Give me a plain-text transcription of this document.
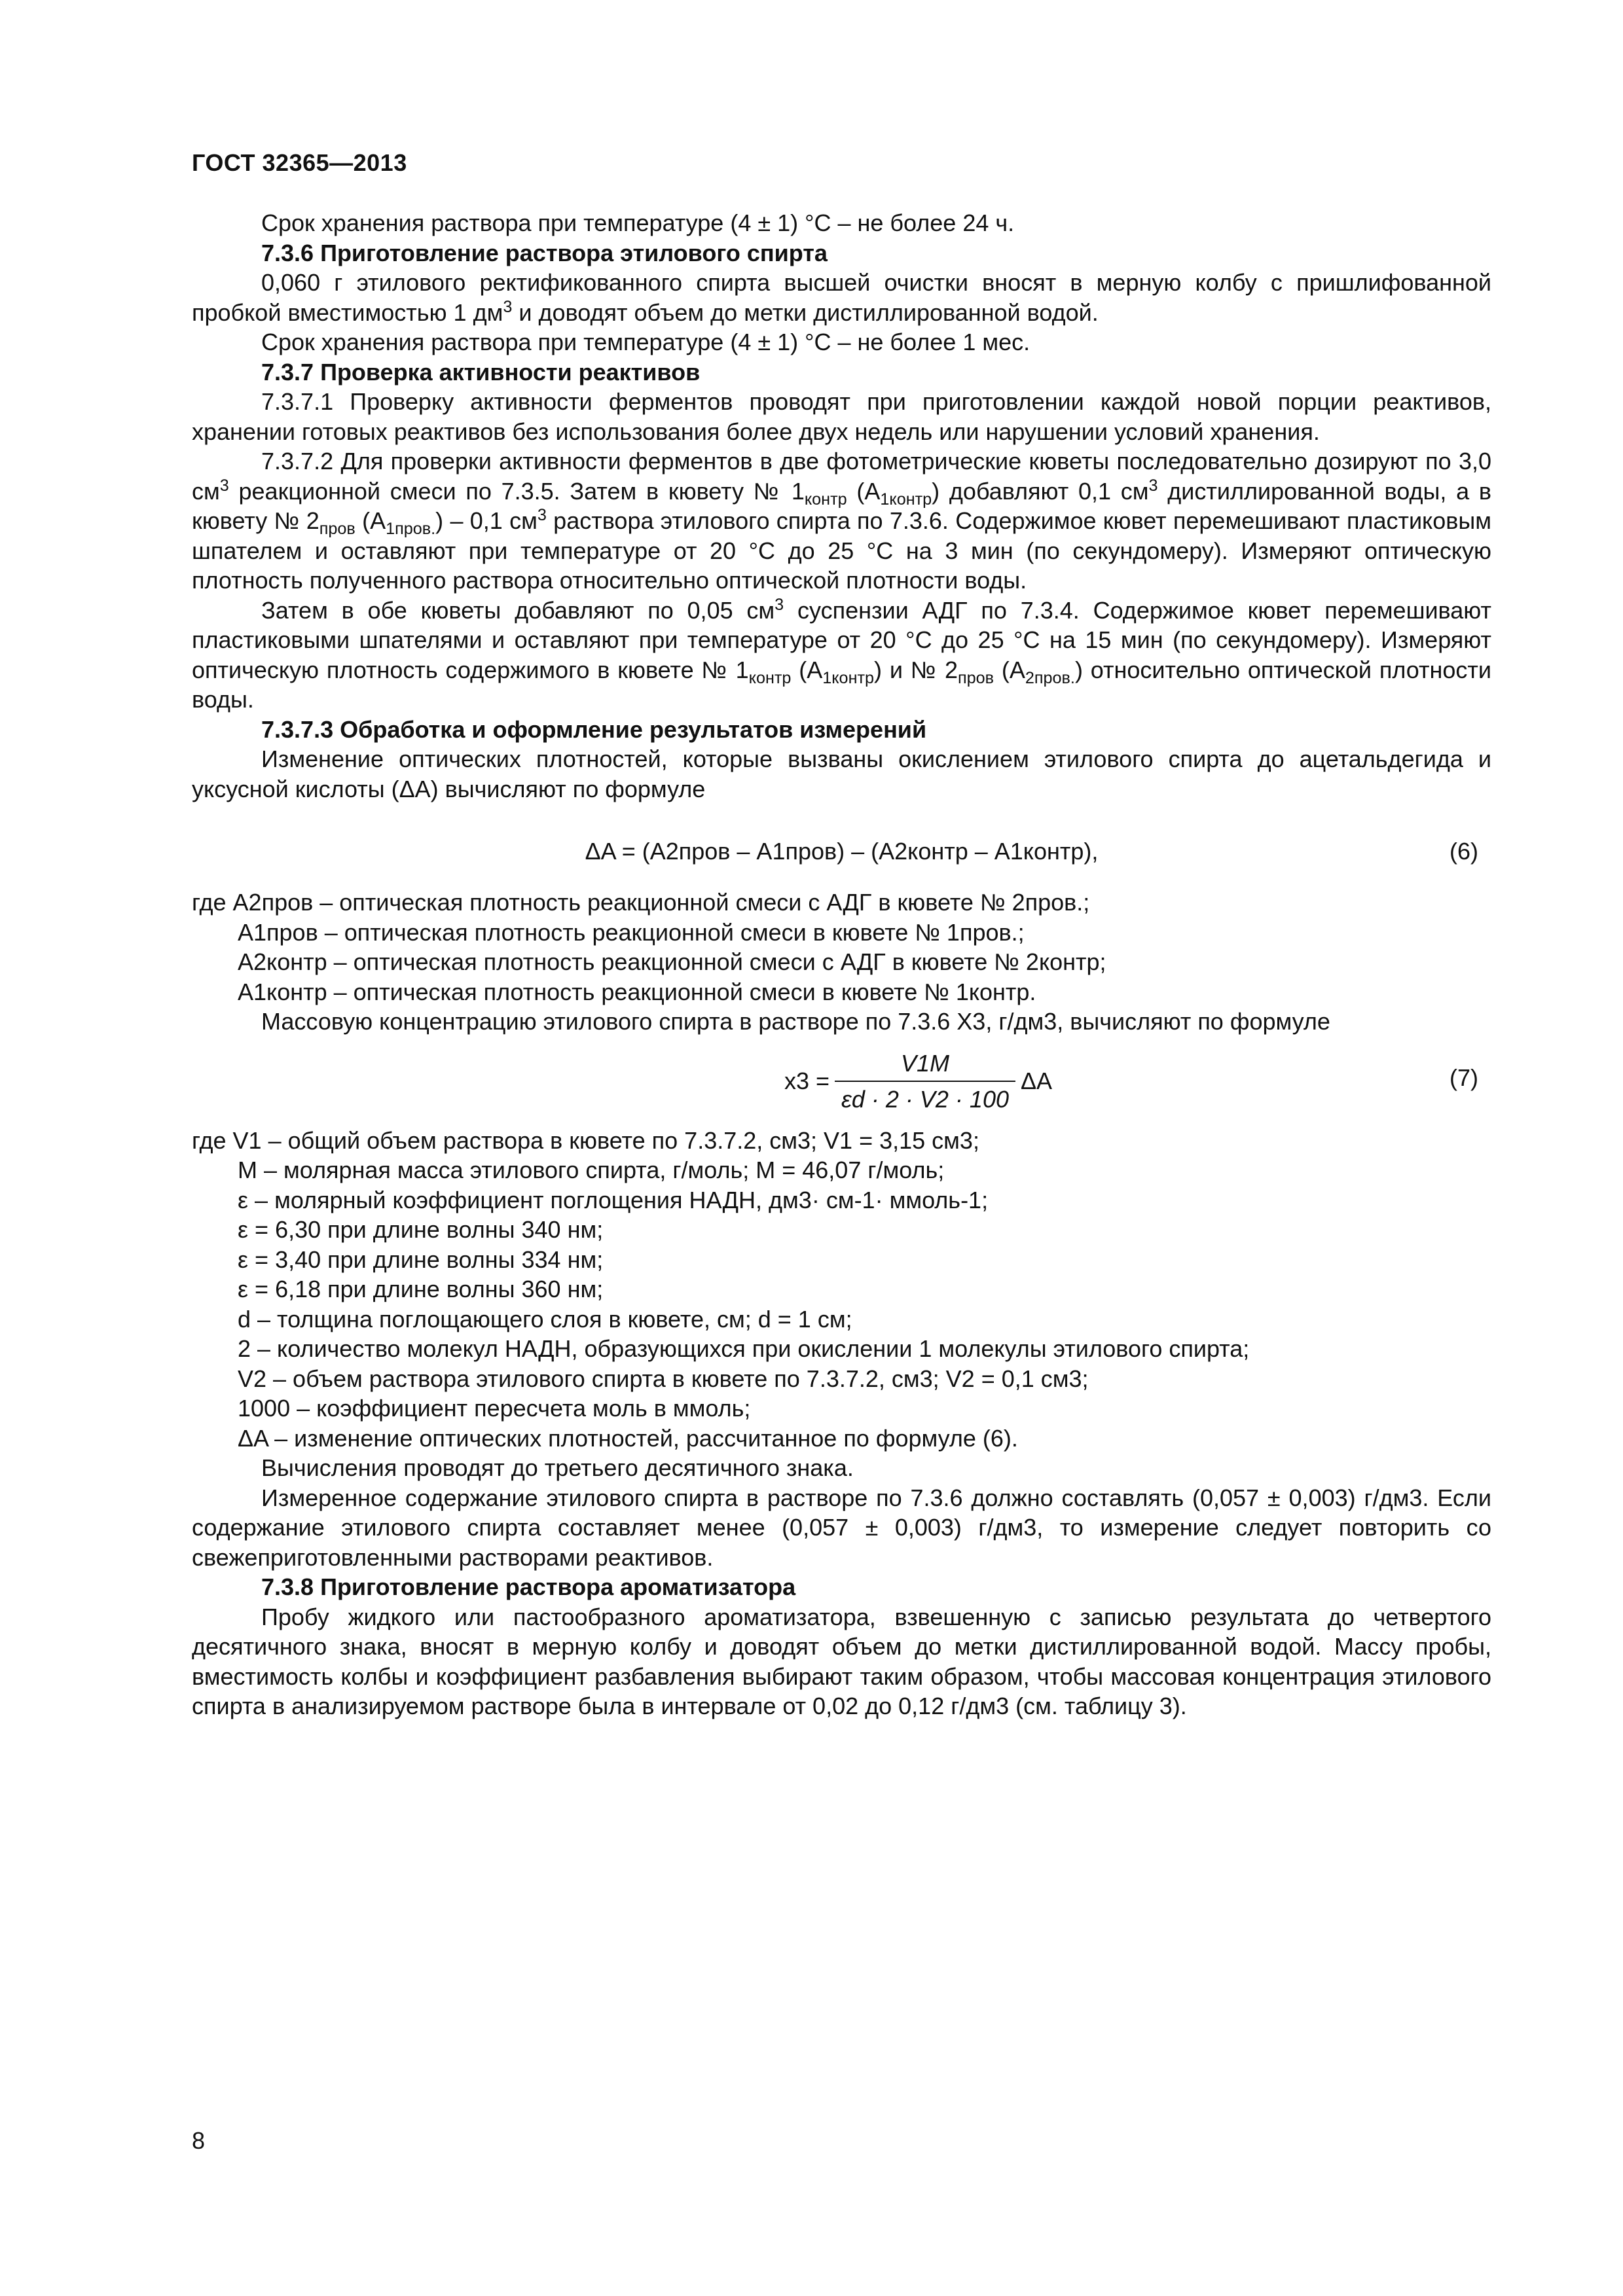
ГОСТ 32365—2013

Срок хранения раствора при температуре (4 ± 1) °С – не более 24 ч.

7.3.6 Приготовление раствора этилового спирта

0,060 г этилового ректификованного спирта высшей очистки вносят в мерную колбу с пришлифованной пробкой вместимостью 1 $дм^3$ и доводят объем до метки дистиллированной водой.

Срок хранения раствора при температуре (4 ± 1) °С – не более 1 мес.

7.3.7 Проверка активности реактивов

7.3.7.1 Проверку активности ферментов проводят при приготовлении каждой новой порции реактивов, хранении готовых реактивов без использования более двух недель или нарушении условий хранения.

7.3.7.2 Для проверки активности ферментов в две фотометрические кюветы последовательно дозируют по 3,0 $см^3$ реакционной смеси по 7.3.5. Затем в кювету № $1_{контр}$ $(A_{1контр})$ добавляют 0,1 $см^3$ дистиллированной воды, а в кювету № $2_{пров}$ $(A_{1пров.}) - 0,1$ $см^3$ раствора этилового спирта по 7.3.6. Содержимое кювет перемешивают пластиковым шпателем и оставляют при температуре от 20 °С до 25 °С на 3 мин (по секундомеру). Измеряют оптическую плотность полученного раствора относительно оптической плотности воды.

Затем в обе кюветы добавляют по 0,05 $см^3$ суспензии АДГ по 7.3.4. Содержимое кювет перемешивают пластиковыми шпателями и оставляют при температуре от 20 °С до 25 °С на 15 мин (по секундомеру). Измеряют оптическую плотность содержимого в кювете № $1_{контр}$ $(A_{1контр})$ и № $2_{пров}$ $(A_{2пров.})$ относительно оптической плотности воды.

7.3.7.3 Обработка и оформление результатов измерений

Изменение оптических плотностей, которые вызваны окислением этилового спирта до ацетальдегида и уксусной кислоты (ΔA) вычисляют по формуле

ΔA = (A2пров – A1пров) – (A2контр – A1контр),	(6)

где A2пров – оптическая плотность реакционной смеси с АДГ в кювете № 2пров.;

A1пров – оптическая плотность реакционной смеси в кювете № 1пров.;

A2контр – оптическая плотность реакционной смеси с АДГ в кювете № 2контр;

A1контр – оптическая плотность реакционной смеси в кювете № 1контр.

Массовую концентрацию этилового спирта в растворе по 7.3.6 X3, г/дм3, вычисляют по формуле

$x3 = \frac{V1M}{\varepsilon d \cdot 2 \cdot V2 \cdot 100}$ ΔA	(7)

где V1 – общий объем раствора в кювете по 7.3.7.2, см3; V1 = 3,15 см3;

M – молярная масса этилового спирта, г/моль; M = 46,07 г/моль;

ε – молярный коэффициент поглощения НАДН, дм3· см-1· ммоль-1;

ε = 6,30 при длине волны 340 нм;

ε = 3,40 при длине волны 334 нм;

ε = 6,18 при длине волны 360 нм;

d – толщина поглощающего слоя в кювете, см; d = 1 см;

2 – количество молекул НАДН, образующихся при окислении 1 молекулы этилового спирта;

V2 – объем раствора этилового спирта в кювете по 7.3.7.2, см3; V2 = 0,1 см3;

1000 – коэффициент пересчета моль в ммоль;

ΔA – изменение оптических плотностей, рассчитанное по формуле (6).

Вычисления проводят до третьего десятичного знака.

Измеренное содержание этилового спирта в растворе по 7.3.6 должно составлять (0,057 ± 0,003) г/дм3. Если содержание этилового спирта составляет менее (0,057 ± 0,003) г/дм3, то измерение следует повторить со свежеприготовленными растворами реактивов.

7.3.8 Приготовление раствора ароматизатора

Пробу жидкого или пастообразного ароматизатора, взвешенную с записью результата до четвертого десятичного знака, вносят в мерную колбу и доводят объем до метки дистиллированной водой. Массу пробы, вместимость колбы и коэффициент разбавления выбирают таким образом, чтобы массовая концентрация этилового спирта в анализируемом растворе была в интервале от 0,02 до 0,12 г/дм3 (см. таблицу 3).

8
